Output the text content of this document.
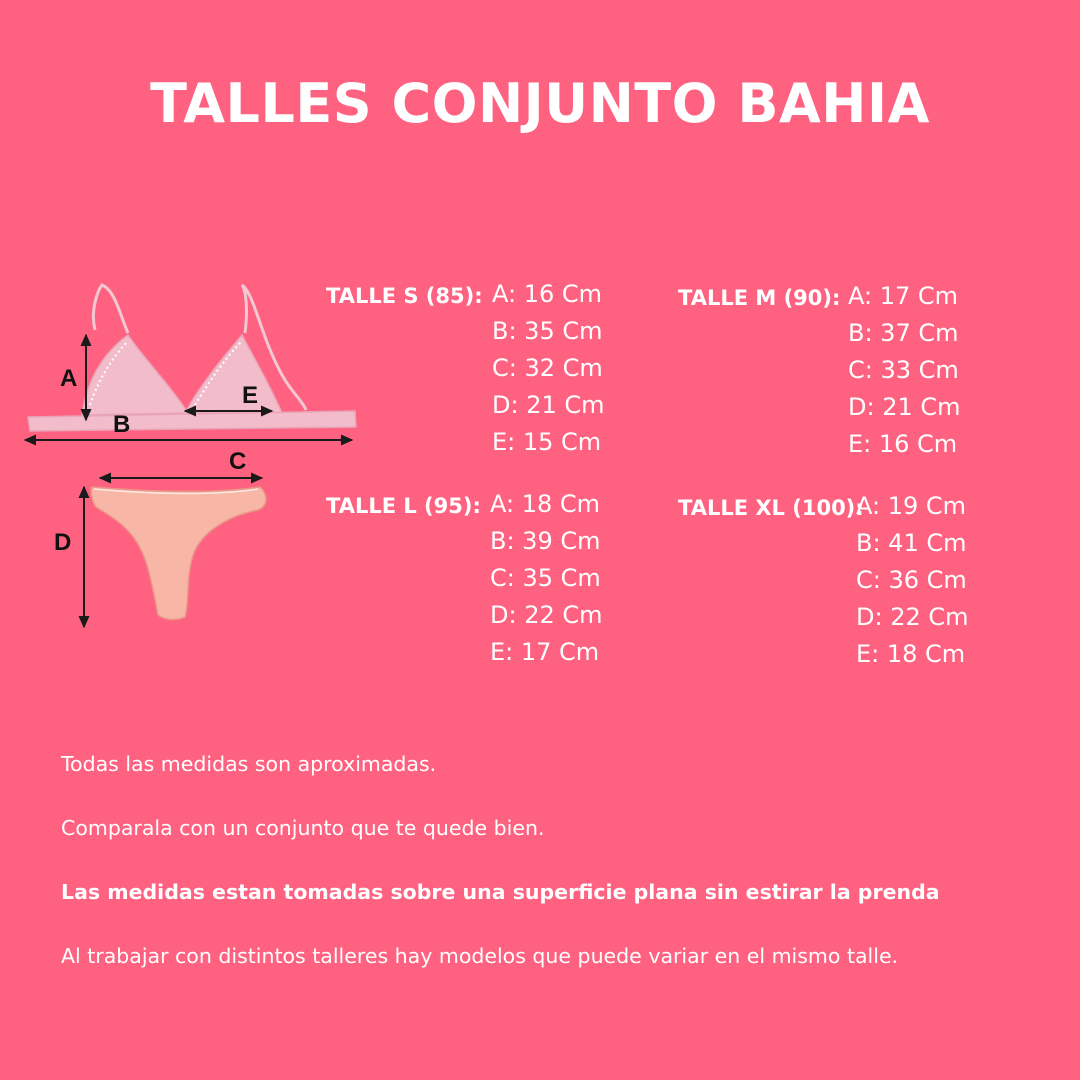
TALLES CONJUNTO BAHIA
A
B
E
C
D
TALLE S (85): A: 16 Cm
B: 35 Cm
C: 32 Cm
D: 21 Cm
E: 15 Cm
TALLE M (90): A: 17 Cm
B: 37 Cm
C: 33 Cm
D: 21 Cm
E: 16 Cm
TALLE L (95): A: 18 Cm
B: 39 Cm
C: 35 Cm
D: 22 Cm
E: 17 Cm
TALLE XL (100):
A: 19 Cm
B: 41 Cm
C: 36 Cm
D: 22 Cm
E: 18 Cm
Todas las medidas son aproximadas.
Comparala con un conjunto que te quede bien.
Las medidas estan tomadas sobre una superficie plana sin estirar la prenda
Al trabajar con distintos talleres hay modelos que puede variar en el mismo talle.
